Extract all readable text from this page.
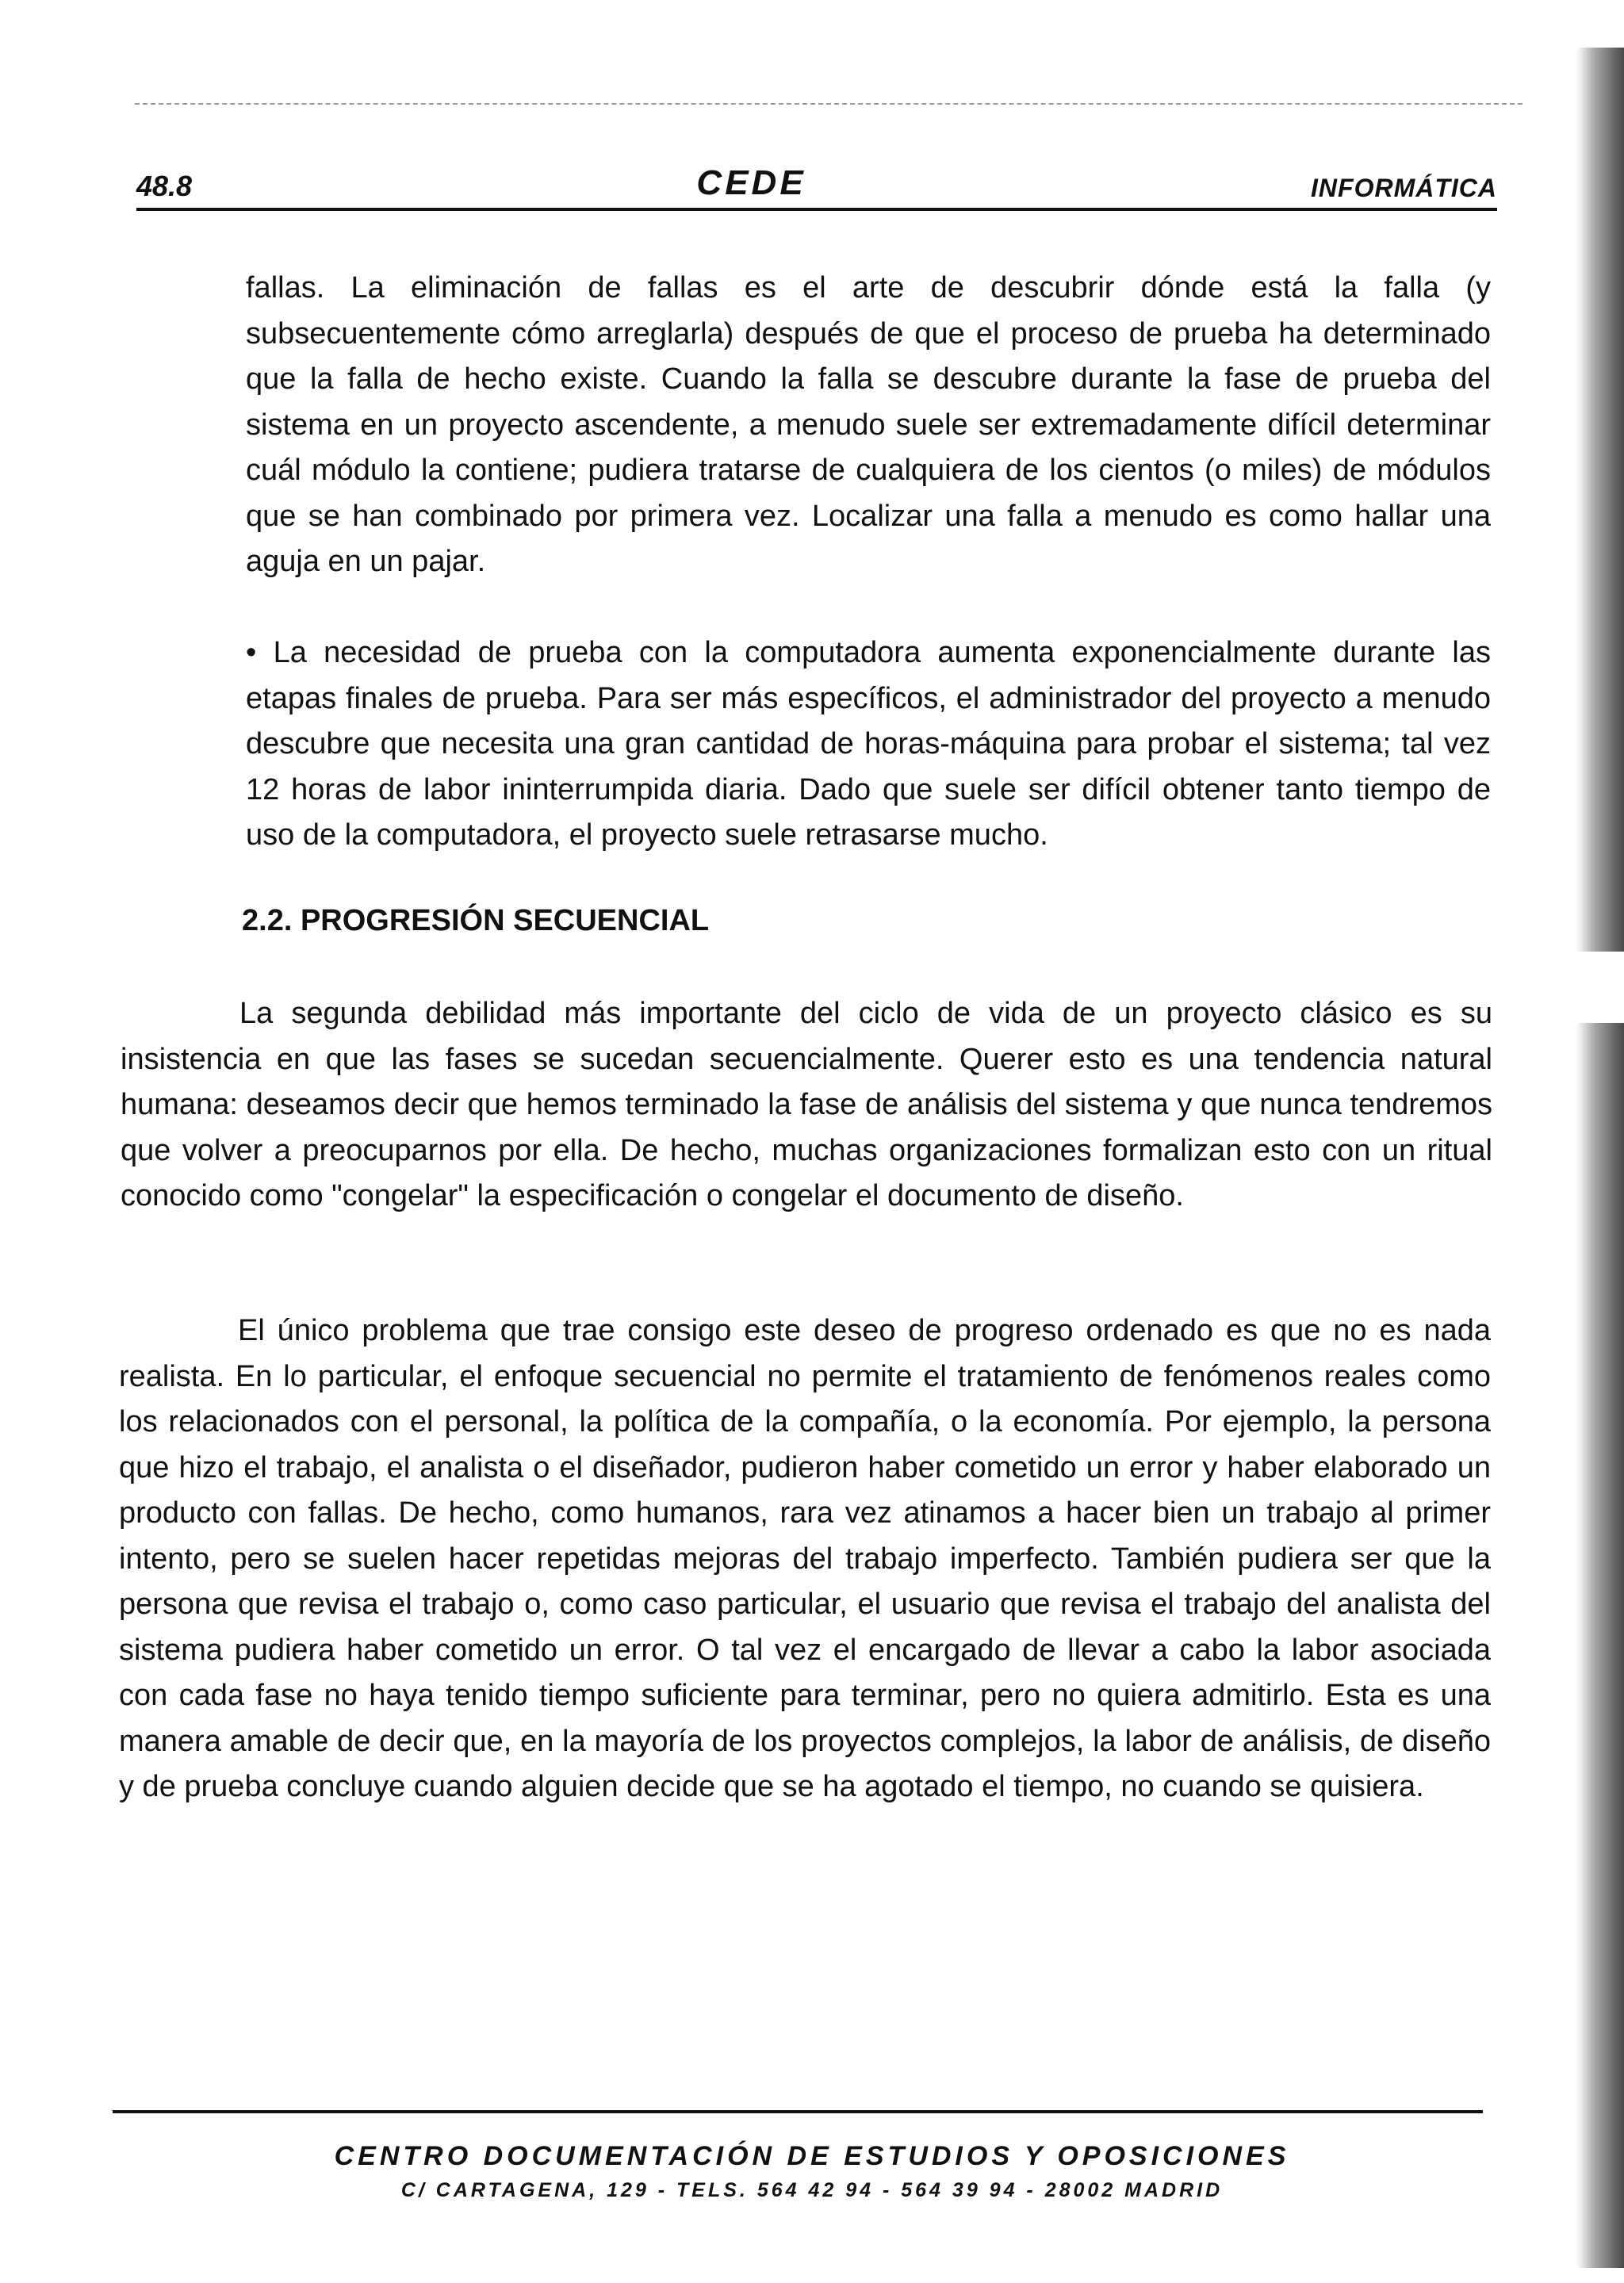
48.8	CEDE	INFORMÁTICA

fallas. La eliminación de fallas es el arte de descubrir dónde está la falla (y subsecuentemente cómo arreglarla) después de que el proceso de prueba ha determinado que la falla de hecho existe. Cuando la falla se descubre durante la fase de prueba del sistema en un proyecto ascendente, a menudo suele ser extremadamente difícil determinar cuál módulo la contiene; pudiera tratarse de cualquiera de los cientos (o miles) de módulos que se han combinado por primera vez. Localizar una falla a menudo es como hallar una aguja en un pajar.

• La necesidad de prueba con la computadora aumenta exponencialmente durante las etapas finales de prueba. Para ser más específicos, el administrador del proyecto a menudo descubre que necesita una gran cantidad de horas-máquina para probar el sistema; tal vez 12 horas de labor ininterrumpida diaria. Dado que suele ser difícil obtener tanto tiempo de uso de la computadora, el proyecto suele retrasarse mucho.

2.2. PROGRESIÓN SECUENCIAL

La segunda debilidad más importante del ciclo de vida de un proyecto clásico es su insistencia en que las fases se sucedan secuencialmente. Querer esto es una tendencia natural humana: deseamos decir que hemos terminado la fase de análisis del sistema y que nunca tendremos que volver a preocuparnos por ella. De hecho, muchas organizaciones formalizan esto con un ritual conocido como "congelar" la especificación o congelar el documento de diseño.

El único problema que trae consigo este deseo de progreso ordenado es que no es nada realista. En lo particular, el enfoque secuencial no permite el tratamiento de fenómenos reales como los relacionados con el personal, la política de la compañía, o la economía. Por ejemplo, la persona que hizo el trabajo, el analista o el diseñador, pudieron haber cometido un error y haber elaborado un producto con fallas. De hecho, como humanos, rara vez atinamos a hacer bien un trabajo al primer intento, pero se suelen hacer repetidas mejoras del trabajo imperfecto. También pudiera ser que la persona que revisa el trabajo o, como caso particular, el usuario que revisa el trabajo del analista del sistema pudiera haber cometido un error. O tal vez el encargado de llevar a cabo la labor asociada con cada fase no haya tenido tiempo suficiente para terminar, pero no quiera admitirlo. Esta es una manera amable de decir que, en la mayoría de los proyectos complejos, la labor de análisis, de diseño y de prueba concluye cuando alguien decide que se ha agotado el tiempo, no cuando se quisiera.

CENTRO DOCUMENTACIÓN DE ESTUDIOS Y OPOSICIONES
C/ CARTAGENA, 129 - TELS. 564 42 94 - 564 39 94 - 28002 MADRID
